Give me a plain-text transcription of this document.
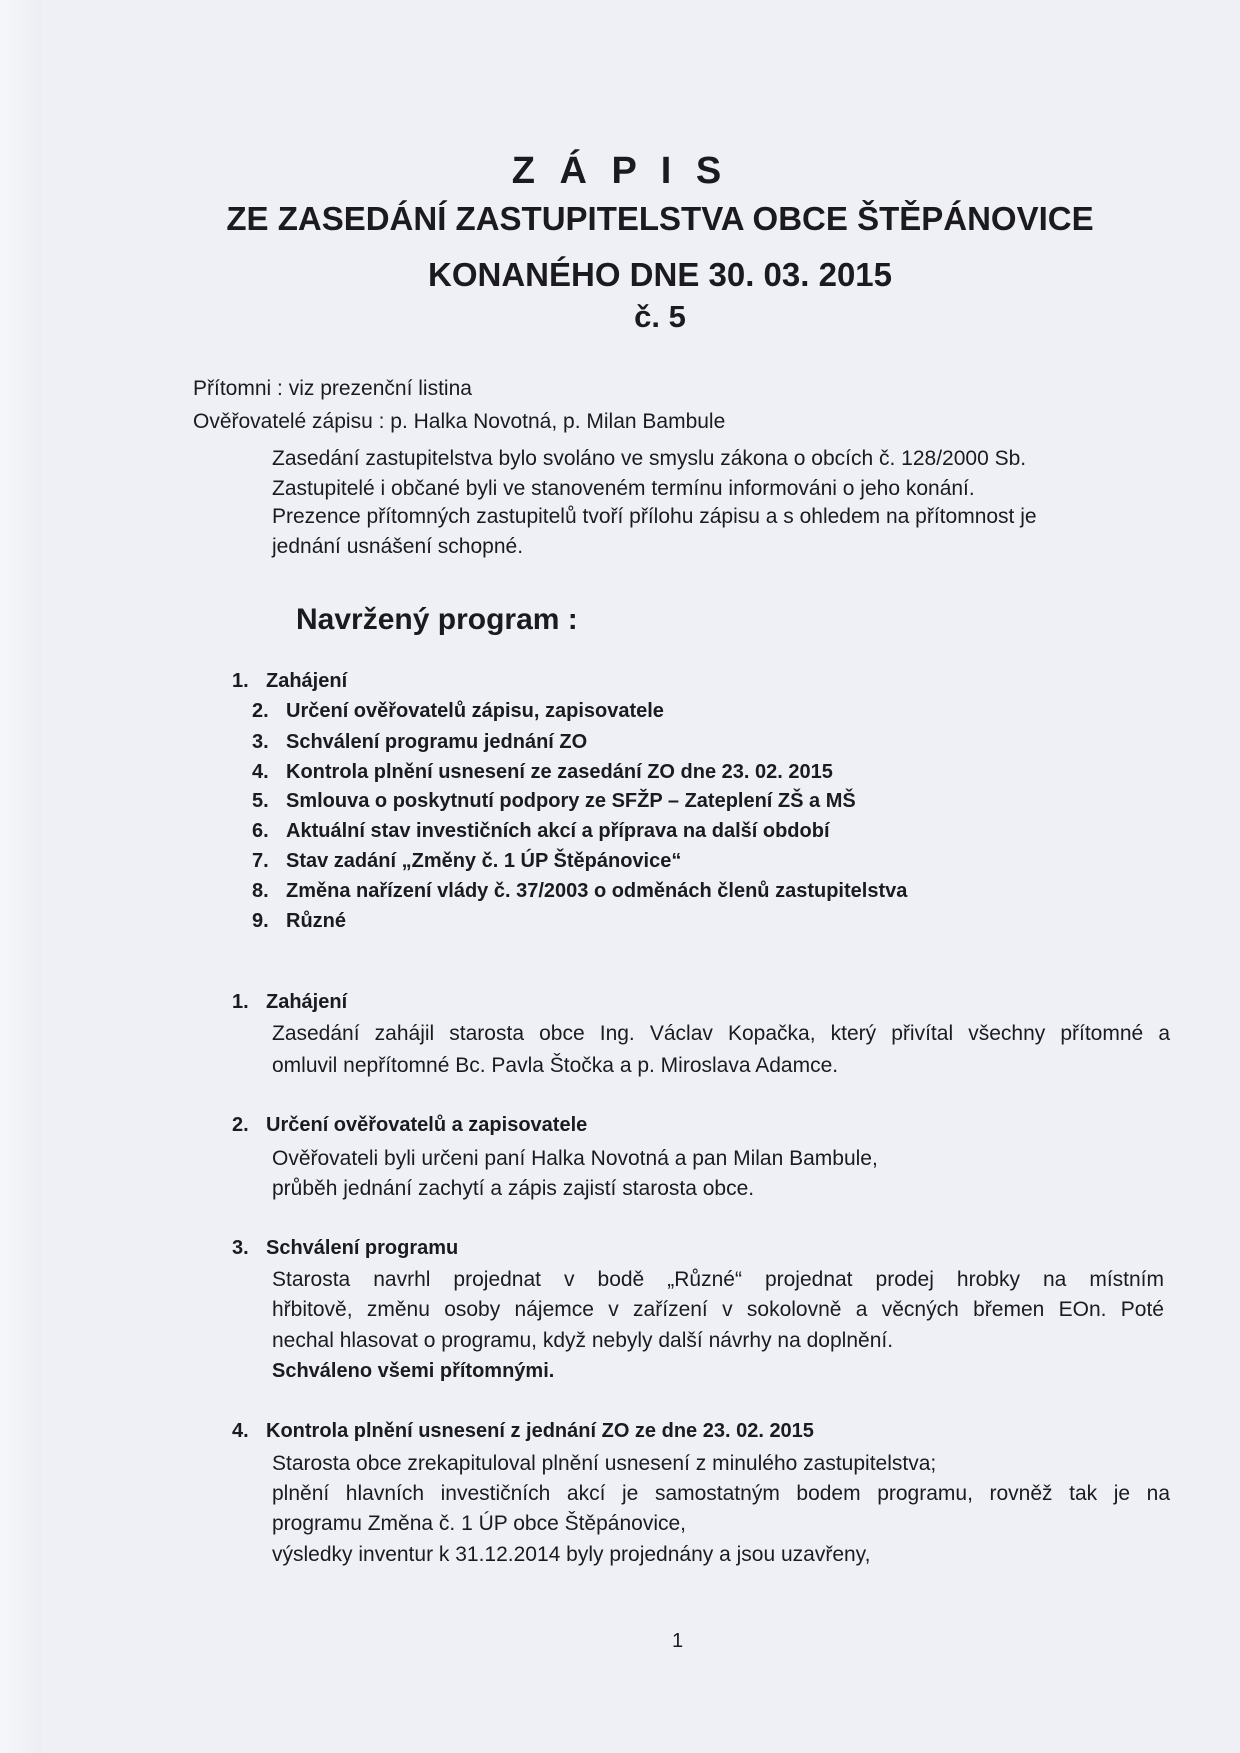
Z Á P I S
ZE ZASEDÁNÍ ZASTUPITELSTVA OBCE ŠTĚPÁNOVICE
KONANÉHO DNE 30. 03. 2015
č. 5
Přítomni : viz prezenční listina
Ověřovatelé zápisu : p. Halka Novotná, p. Milan Bambule
Zasedání zastupitelstva bylo svoláno ve smyslu zákona o obcích č. 128/2000 Sb.
Zastupitelé i občané byli ve stanoveném termínu informováni o jeho konání.
Prezence přítomných zastupitelů tvoří přílohu zápisu a s ohledem na přítomnost je
jednání usnášení schopné.
Navržený program :
1. Zahájení
2. Určení ověřovatelů zápisu, zapisovatele
3. Schválení programu jednání ZO
4. Kontrola plnění usnesení ze zasedání ZO dne 23. 02. 2015
5. Smlouva o poskytnutí podpory ze SFŽP – Zateplení ZŠ a MŠ
6. Aktuální stav investičních akcí a příprava na další období
7. Stav zadání „Změny č. 1 ÚP Štěpánovice“
8. Změna nařízení vlády č. 37/2003 o odměnách členů zastupitelstva
9. Různé
1. Zahájení
Zasedání zahájil starosta obce Ing. Václav Kopačka, který přivítal všechny přítomné a
omluvil nepřítomné Bc. Pavla Štočka a p. Miroslava Adamce.
2. Určení ověřovatelů a zapisovatele
Ověřovateli byli určeni paní Halka Novotná a pan Milan Bambule,
průběh jednání zachytí a zápis zajistí starosta obce.
3. Schválení programu
Starosta navrhl projednat v bodě „Různé“ projednat prodej hrobky na místním
hřbitově, změnu osoby nájemce v zařízení v sokolovně a věcných břemen EOn. Poté
nechal hlasovat o programu, když nebyly další návrhy na doplnění.
Schváleno všemi přítomnými.
4. Kontrola plnění usnesení z jednání ZO ze dne 23. 02. 2015
Starosta obce zrekapituloval plnění usnesení z minulého zastupitelstva;
plnění hlavních investičních akcí je samostatným bodem programu, rovněž tak je na
programu Změna č. 1 ÚP obce Štěpánovice,
výsledky inventur k 31.12.2014 byly projednány a jsou uzavřeny,
1
